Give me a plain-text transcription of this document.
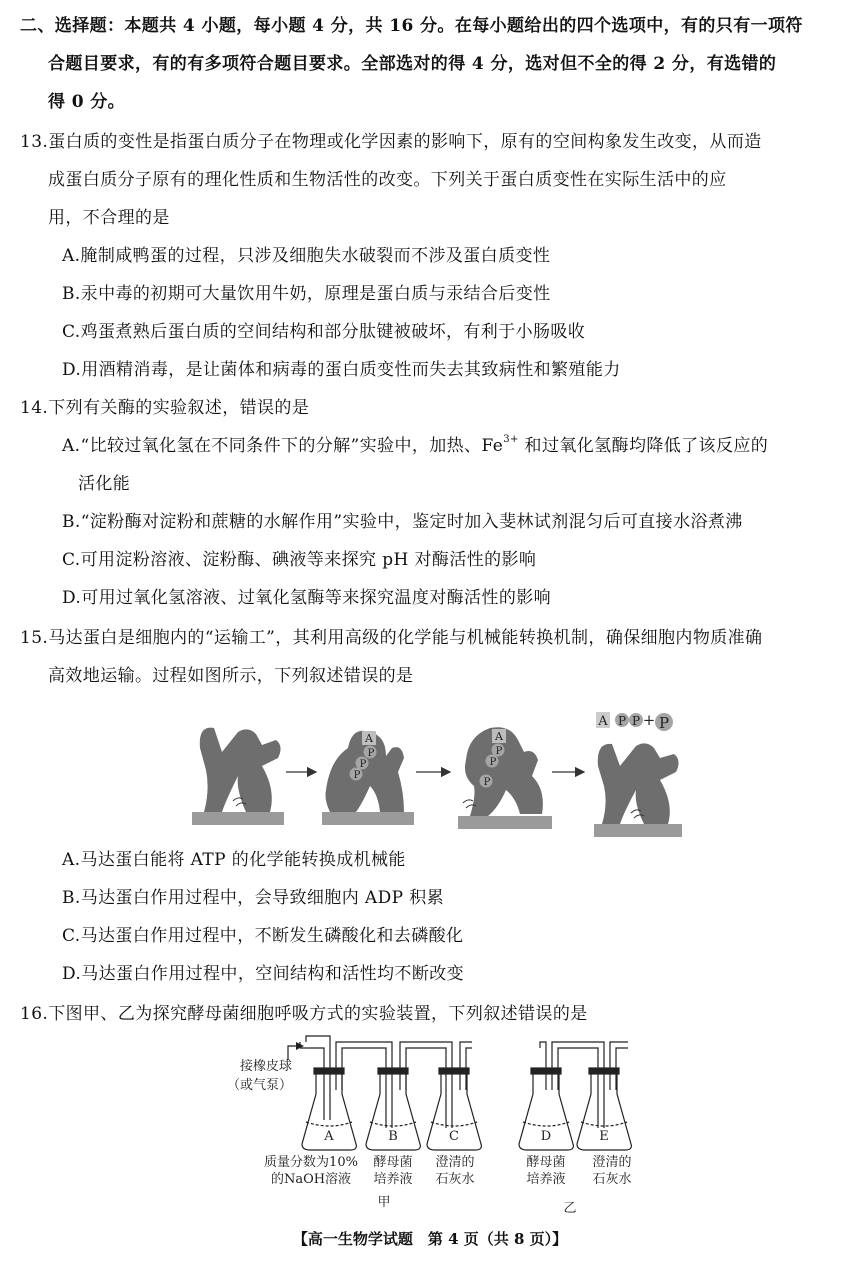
二、选择题：本题共 4 小题，每小题 4 分，共 16 分。在每小题给出的四个选项中，有的只有一项符
合题目要求，有的有多项符合题目要求。全部选对的得 4 分，选对但不全的得 2 分，有选错的
得 0 分。
13.蛋白质的变性是指蛋白质分子在物理或化学因素的影响下，原有的空间构象发生改变，从而造
成蛋白质分子原有的理化性质和生物活性的改变。下列关于蛋白质变性在实际生活中的应
用，不合理的是
A.腌制咸鸭蛋的过程，只涉及细胞失水破裂而不涉及蛋白质变性
B.汞中毒的初期可大量饮用牛奶，原理是蛋白质与汞结合后变性
C.鸡蛋煮熟后蛋白质的空间结构和部分肽键被破坏，有利于小肠吸收
D.用酒精消毒，是让菌体和病毒的蛋白质变性而失去其致病性和繁殖能力
14.下列有关酶的实验叙述，错误的是
A.“比较过氧化氢在不同条件下的分解”实验中，加热、$Fe^{3+}$ 和过氧化氢酶均降低了该反应的
活化能
B.“淀粉酶对淀粉和蔗糖的水解作用”实验中，鉴定时加入斐林试剂混匀后可直接水浴煮沸
C.可用淀粉溶液、淀粉酶、碘液等来探究 pH 对酶活性的影响
D.可用过氧化氢溶液、过氧化氢酶等来探究温度对酶活性的影响
15.马达蛋白是细胞内的“运输工”，其利用高级的化学能与机械能转换机制，确保细胞内物质准确
高效地运输。过程如图所示，下列叙述错误的是
A
P
P
P
A
P
P
P
A P P + P
A.马达蛋白能将 ATP 的化学能转换成机械能
B.马达蛋白作用过程中，会导致细胞内 ADP 积累
C.马达蛋白作用过程中，不断发生磷酸化和去磷酸化
D.马达蛋白作用过程中，空间结构和活性均不断改变
16.下图甲、乙为探究酵母菌细胞呼吸方式的实验装置，下列叙述错误的是
接橡皮球
（或气泵）
A	B	C	D	E
质量分数为10%
的NaOH溶液
酵母菌
培养液
澄清的
石灰水
酵母菌
培养液
澄清的
石灰水
甲	乙
【高一生物学试题　第 4 页（共 8 页）】
